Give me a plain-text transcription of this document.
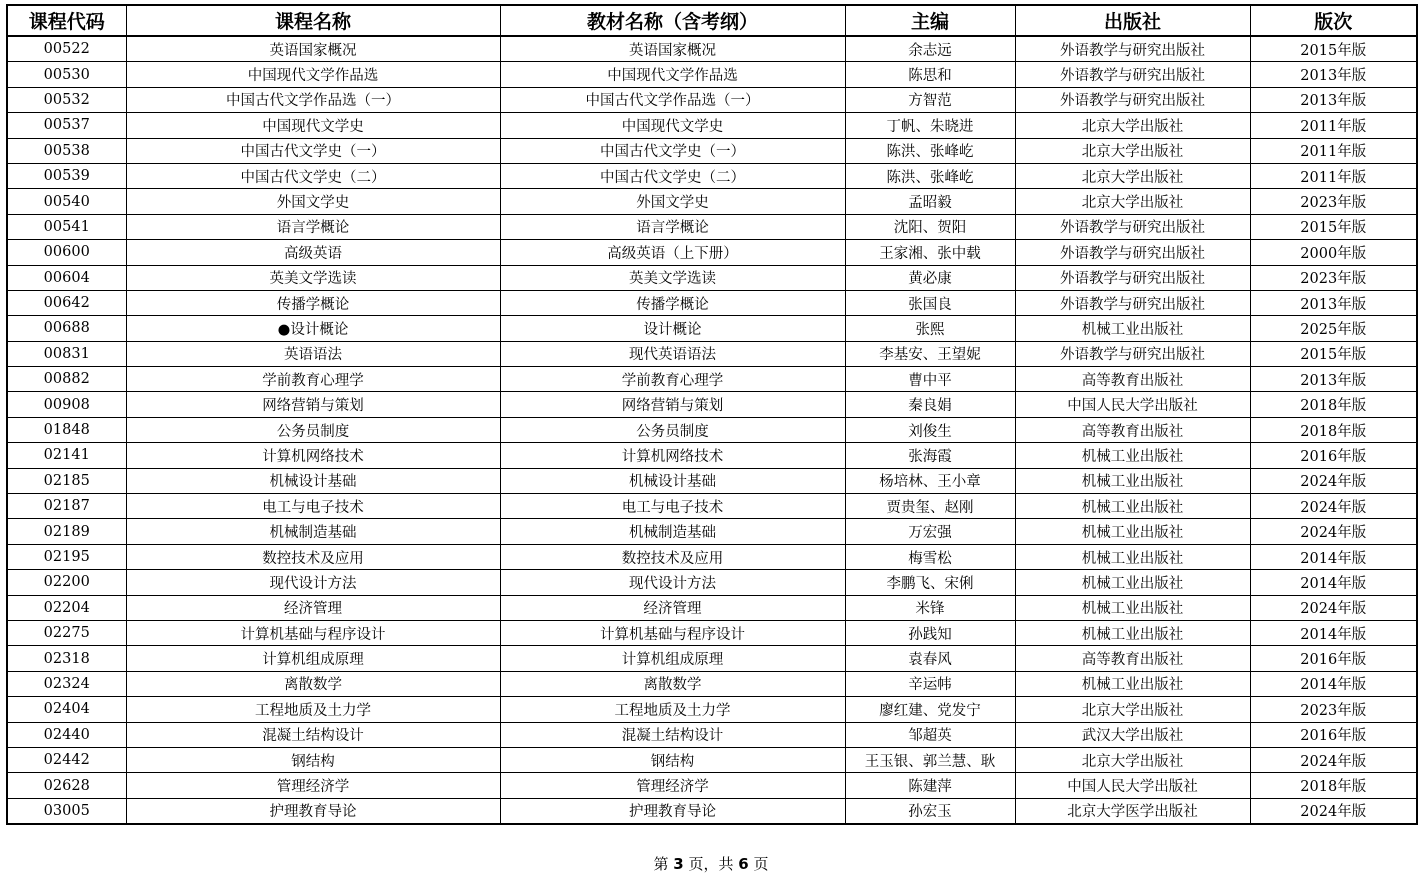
课程代码	课程名称	教材名称（含考纲）	主编	出版社	版次
00522	英语国家概况	英语国家概况	余志远	外语教学与研究出版社	2015年版
00530	中国现代文学作品选	中国现代文学作品选	陈思和	外语教学与研究出版社	2013年版
00532	中国古代文学作品选（一）	中国古代文学作品选（一）	方智范	外语教学与研究出版社	2013年版
00537	中国现代文学史	中国现代文学史	丁帆、朱晓进	北京大学出版社	2011年版
00538	中国古代文学史（一）	中国古代文学史（一）	陈洪、张峰屹	北京大学出版社	2011年版
00539	中国古代文学史（二）	中国古代文学史（二）	陈洪、张峰屹	北京大学出版社	2011年版
00540	外国文学史	外国文学史	孟昭毅	北京大学出版社	2023年版
00541	语言学概论	语言学概论	沈阳、贺阳	外语教学与研究出版社	2015年版
00600	高级英语	高级英语（上下册）	王家湘、张中载	外语教学与研究出版社	2000年版
00604	英美文学选读	英美文学选读	黄必康	外语教学与研究出版社	2023年版
00642	传播学概论	传播学概论	张国良	外语教学与研究出版社	2013年版
00688	●设计概论	设计概论	张熙	机械工业出版社	2025年版
00831	英语语法	现代英语语法	李基安、王望妮	外语教学与研究出版社	2015年版
00882	学前教育心理学	学前教育心理学	曹中平	高等教育出版社	2013年版
00908	网络营销与策划	网络营销与策划	秦良娟	中国人民大学出版社	2018年版
01848	公务员制度	公务员制度	刘俊生	高等教育出版社	2018年版
02141	计算机网络技术	计算机网络技术	张海霞	机械工业出版社	2016年版
02185	机械设计基础	机械设计基础	杨培林、王小章	机械工业出版社	2024年版
02187	电工与电子技术	电工与电子技术	贾贵玺、赵刚	机械工业出版社	2024年版
02189	机械制造基础	机械制造基础	万宏强	机械工业出版社	2024年版
02195	数控技术及应用	数控技术及应用	梅雪松	机械工业出版社	2014年版
02200	现代设计方法	现代设计方法	李鹏飞、宋俐	机械工业出版社	2014年版
02204	经济管理	经济管理	米锋	机械工业出版社	2024年版
02275	计算机基础与程序设计	计算机基础与程序设计	孙践知	机械工业出版社	2014年版
02318	计算机组成原理	计算机组成原理	袁春风	高等教育出版社	2016年版
02324	离散数学	离散数学	辛运帏	机械工业出版社	2014年版
02404	工程地质及土力学	工程地质及土力学	廖红建、党发宁	北京大学出版社	2023年版
02440	混凝土结构设计	混凝土结构设计	邹超英	武汉大学出版社	2016年版
02442	钢结构	钢结构	王玉银、郭兰慧、耿	北京大学出版社	2024年版
02628	管理经济学	管理经济学	陈建萍	中国人民大学出版社	2018年版
03005	护理教育导论	护理教育导论	孙宏玉	北京大学医学出版社	2024年版
第 3 页，共 6 页
